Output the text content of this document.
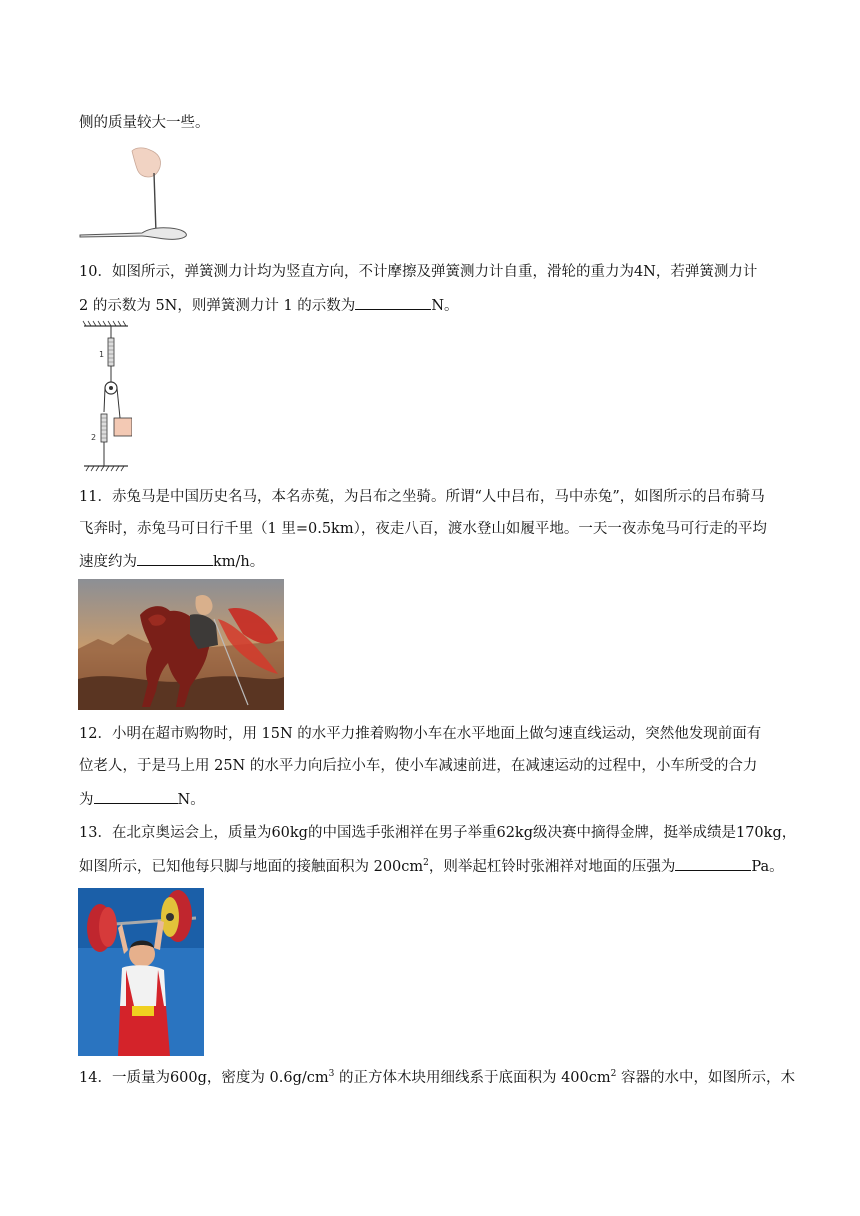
侧的质量较大一些。
10．如图所示，弹簧测力计均为竖直方向，不计摩擦及弹簧测力计自重，滑轮的重力为4N，若弹簧测力计
2 的示数为 5N，则弹簧测力计 1 的示数为	N。
1
2
11．赤兔马是中国历史名马，本名赤菟，为吕布之坐骑。所谓“人中吕布，马中赤兔”，如图所示的吕布骑马
飞奔时，赤兔马可日行千里（1 里=0.5km），夜走八百，渡水登山如履平地。一天一夜赤兔马可行走的平均
速度约为	km/h。
12．小明在超市购物时，用 15N 的水平力推着购物小车在水平地面上做匀速直线运动，突然他发现前面有
位老人，于是马上用 25N 的水平力向后拉小车，使小车减速前进，在减速运动的过程中，小车所受的合力
为	N。
13．在北京奥运会上，质量为60kg的中国选手张湘祥在男子举重62kg级决赛中摘得金牌，挺举成绩是170kg，
如图所示，已知他每只脚与地面的接触面积为 $200cm^2$，则举起杠铃时张湘祥对地面的压强为	Pa。
14．一质量为600g，密度为 $0.6g/cm^3$ 的正方体木块用细线系于底面积为 $400cm^2$ 容器的水中，如图所示，木
